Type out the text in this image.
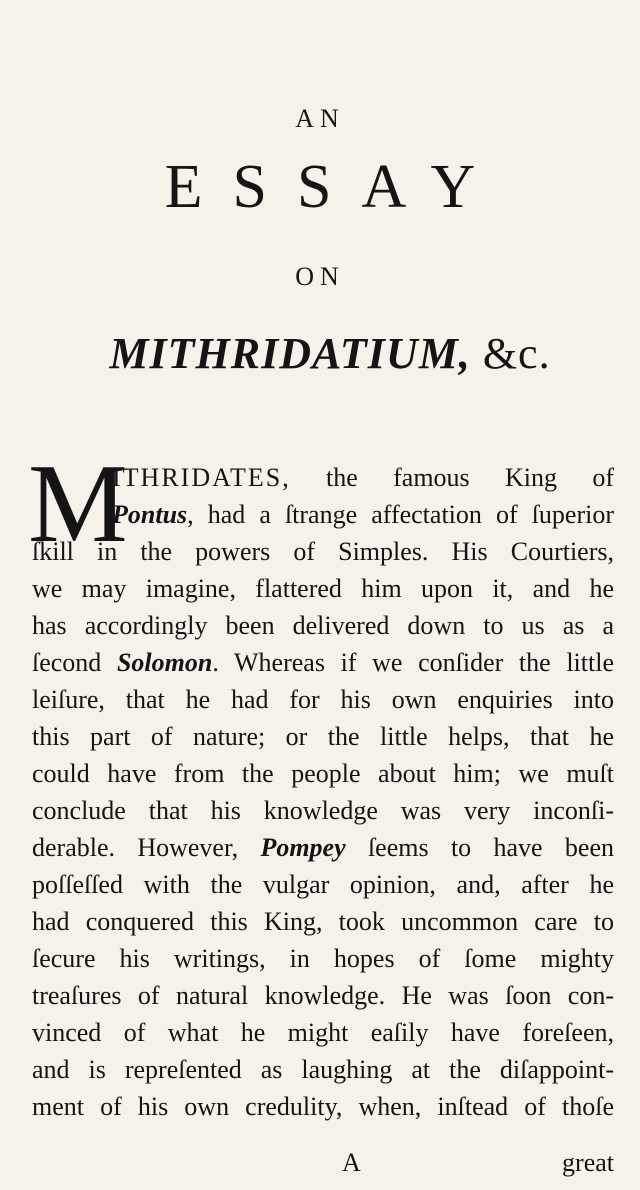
AN
ESSAY
ON
MITHRIDATIUM, &c.
M
ITHRIDATES, the famous King of
Pontus, had a ſtrange affectation of ſuperior
ſkill in the powers of Simples. His Courtiers,
we may imagine, flattered him upon it, and he
has accordingly been delivered down to us as a
ſecond Solomon. Whereas if we conſider the little
leiſure, that he had for his own enquiries into
this part of nature; or the little helps, that he
could have from the people about him; we muſt
conclude that his knowledge was very inconſi-
derable. However, Pompey ſeems to have been
poſſeſſed with the vulgar opinion, and, after he
had conquered this King, took uncommon care to
ſecure his writings, in hopes of ſome mighty
treaſures of natural knowledge. He was ſoon con-
vinced of what he might eaſily have foreſeen,
and is repreſented as laughing at the diſappoint-
ment of his own credulity, when, inſtead of thoſe
A	great
